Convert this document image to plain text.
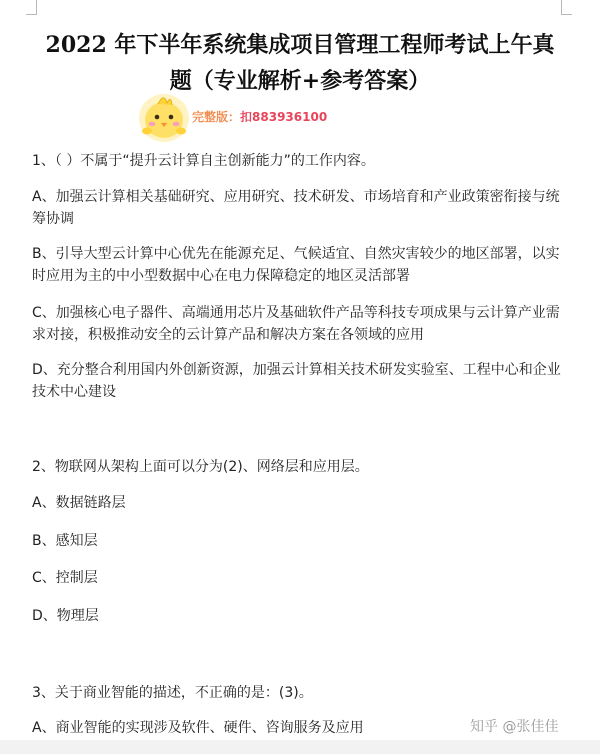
2022 年下半年系统集成项目管理工程师考试上午真
题（专业解析+参考答案）
完整版：扣883936100

1、（ ）不属于“提升云计算自主创新能力”的工作内容。

A、加强云计算相关基础研究、应用研究、技术研发、市场培育和产业政策密衔接与统筹协调

B、引导大型云计算中心优先在能源充足、气候适宜、自然灾害较少的地区部署，以实时应用为主的中小型数据中心在电力保障稳定的地区灵活部署

C、加强核心电子器件、高端通用芯片及基础软件产品等科技专项成果与云计算产业需求对接，积极推动安全的云计算产品和解决方案在各领域的应用

D、充分整合利用国内外创新资源，加强云计算相关技术研发实验室、工程中心和企业技术中心建设

2、物联网从架构上面可以分为(2)、网络层和应用层。

A、数据链路层

B、感知层

C、控制层

D、物理层

3、关于商业智能的描述，不正确的是：(3)。

A、商业智能的实现涉及软件、硬件、咨询服务及应用	知乎 @张佳佳
